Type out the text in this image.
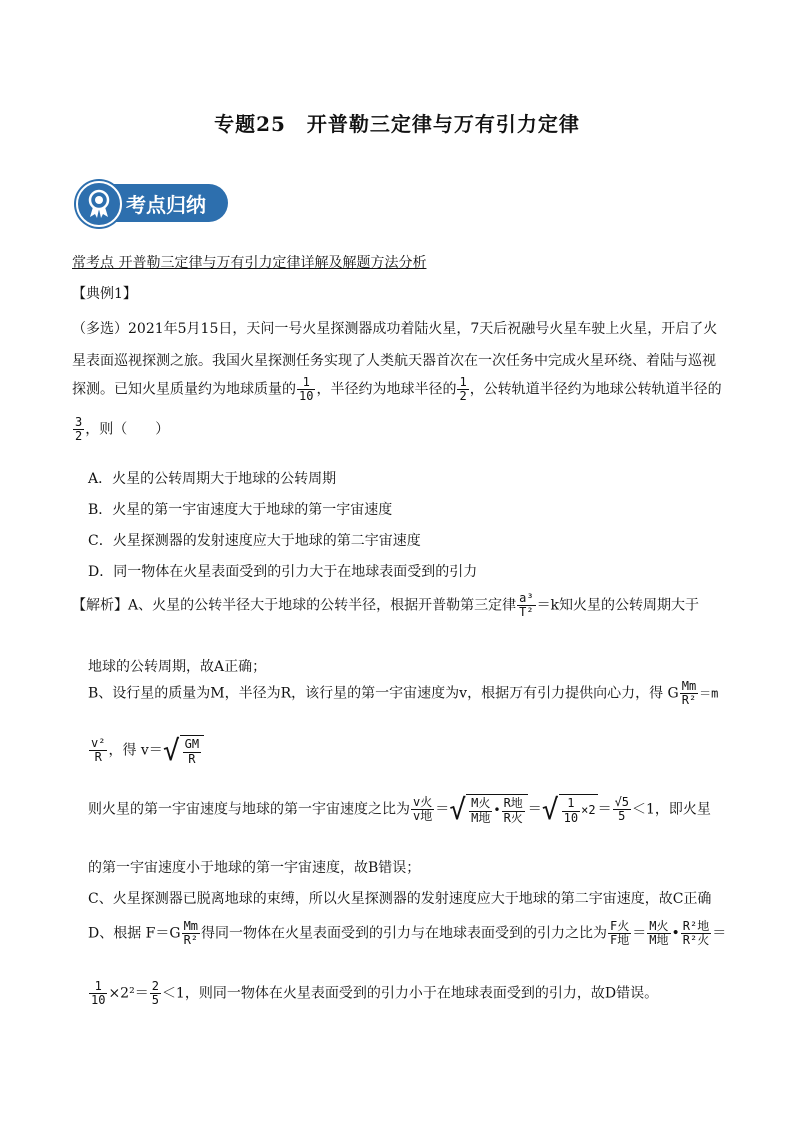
专题25　开普勒三定律与万有引力定律
考点归纳
常考点 开普勒三定律与万有引力定律详解及解题方法分析
【典例1】
（多选）2021年5月15日，天问一号火星探测器成功着陆火星，7天后祝融号火星车驶上火星，开启了火
星表面巡视探测之旅。我国火星探测任务实现了人类航天器首次在一次任务中完成火星环绕、着陆与巡视
探测。已知火星质量约为地球质量的 $\frac{1}{10}$ ，半径约为地球半径的 $\frac{1}{2}$ ，公转轨道半径约为地球公转轨道半径的
$\frac{3}{2}$ ，则（　　）
A．火星的公转周期大于地球的公转周期
B．火星的第一宇宙速度大于地球的第一宇宙速度
C．火星探测器的发射速度应大于地球的第二宇宙速度
D．同一物体在火星表面受到的引力大于在地球表面受到的引力
【解析】A、火星的公转半径大于地球的公转半径，根据开普勒第三定律 $\frac{\text{a³}}{\text{T²}} =k$知火星的公转周期大于
地球的公转周期，故A正确；
B、设行星的质量为M，半径为R，该行星的第一宇宙速度为v，根据万有引力提供向心力，得 G $\frac{Mm}{\text{R²}} =m$
$\frac{\text{v²}}{R}$ ，得 $v=√ \frac{GM}{R}$
则火星的第一宇宙速度与地球的第一宇宙速度之比为 $\frac{\text{v火}}{\text{v地}}$ ＝√ $\frac{\text{M火}}{\text{M地}}$ • $\frac{\text{R地}}{\text{R火}}$ ＝√ $\frac{1}{10} \times 2 = \frac{√5}{5} <1$，即火星
的第一宇宙速度小于地球的第一宇宙速度，故B错误；
C、火星探测器已脱离地球的束缚，所以火星探测器的发射速度应大于地球的第二宇宙速度，故C正确
D、根据 $F=G \frac{Mm}{\text{R²}}$ 得同一物体在火星表面受到的引力与在地球表面受到的引力之比为 $\frac{\text{F火}}{\text{F地}} = \frac{\text{M火}}{\text{M地}}$ • $\frac{\text{R²地}}{\text{R²火}}$ ＝
$\frac{1}{10} \times 2^2= \frac{2}{5} <1$，则同一物体在火星表面受到的引力小于在地球表面受到的引力，故D错误。
